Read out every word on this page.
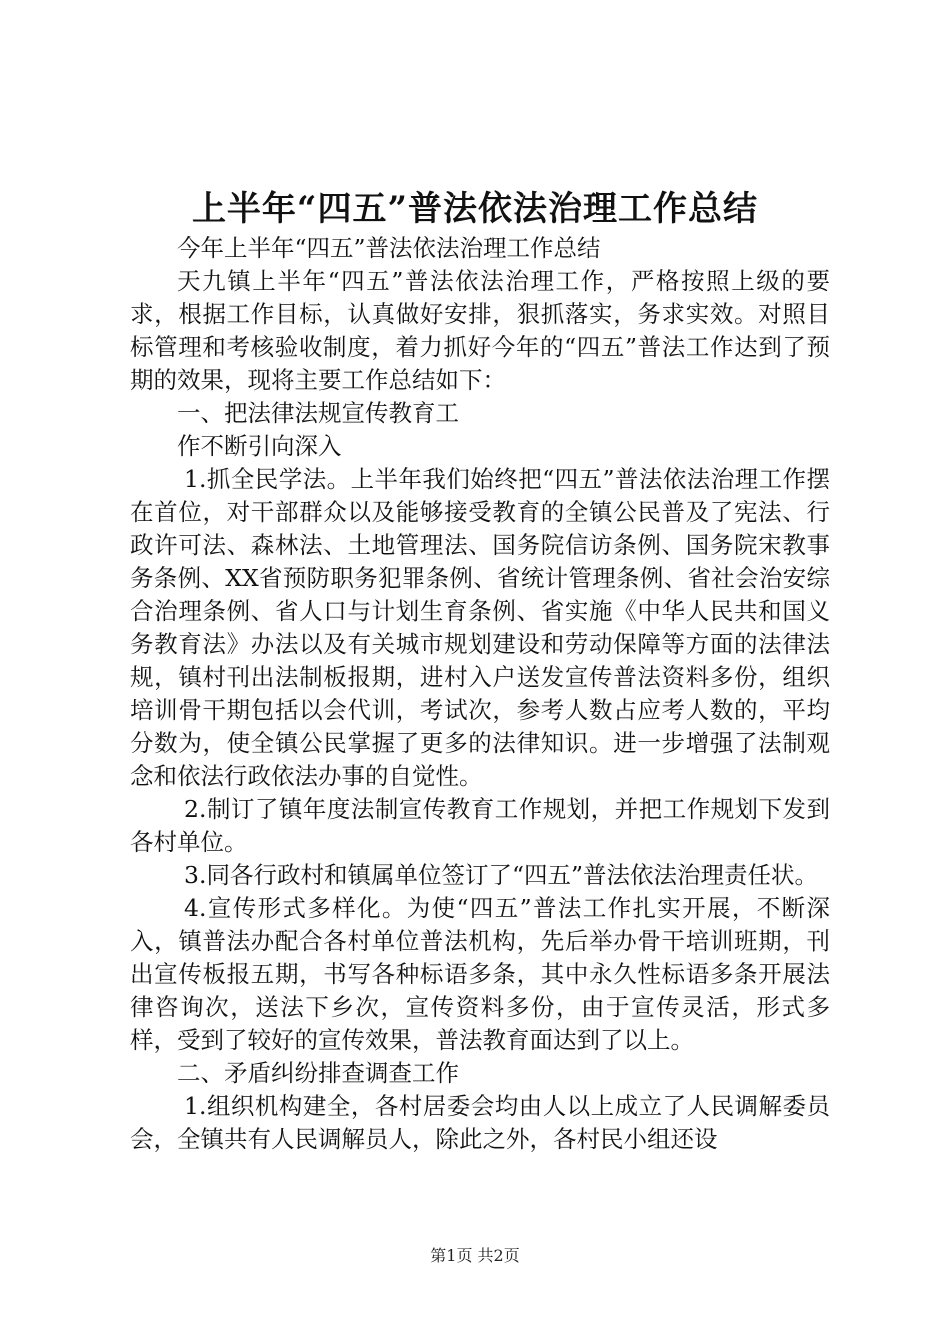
上半年“四五”普法依法治理工作总结

今年上半年“四五”普法依法治理工作总结

天九镇上半年“四五”普法依法治理工作，严格按照上级的要求，根据工作目标，认真做好安排，狠抓落实，务求实效。对照目标管理和考核验收制度，着力抓好今年的“四五”普法工作达到了预期的效果，现将主要工作总结如下：

一、把法律法规宣传教育工

作不断引向深入

1.抓全民学法。上半年我们始终把“四五”普法依法治理工作摆在首位，对干部群众以及能够接受教育的全镇公民普及了宪法、行政许可法、森林法、土地管理法、国务院信访条例、国务院宋教事务条例、XX省预防职务犯罪条例、省统计管理条例、省社会治安综合治理条例、省人口与计划生育条例、省实施《中华人民共和国义务教育法》办法以及有关城市规划建设和劳动保障等方面的法律法规，镇村刊出法制板报期，进村入户送发宣传普法资料多份，组织培训骨干期包括以会代训，考试次，参考人数占应考人数的，平均分数为，使全镇公民掌握了更多的法律知识。进一步增强了法制观念和依法行政依法办事的自觉性。

2.制订了镇年度法制宣传教育工作规划，并把工作规划下发到各村单位。

3.同各行政村和镇属单位签订了“四五”普法依法治理责任状。

4.宣传形式多样化。为使“四五”普法工作扎实开展，不断深入，镇普法办配合各村单位普法机构，先后举办骨干培训班期，刊出宣传板报五期，书写各种标语多条，其中永久性标语多条开展法律咨询次，送法下乡次，宣传资料多份，由于宣传灵活，形式多样，受到了较好的宣传效果，普法教育面达到了以上。

二、矛盾纠纷排查调查工作

1.组织机构建全，各村居委会均由人以上成立了人民调解委员会，全镇共有人民调解员人，除此之外，各村民小组还设

第1页 共2页
